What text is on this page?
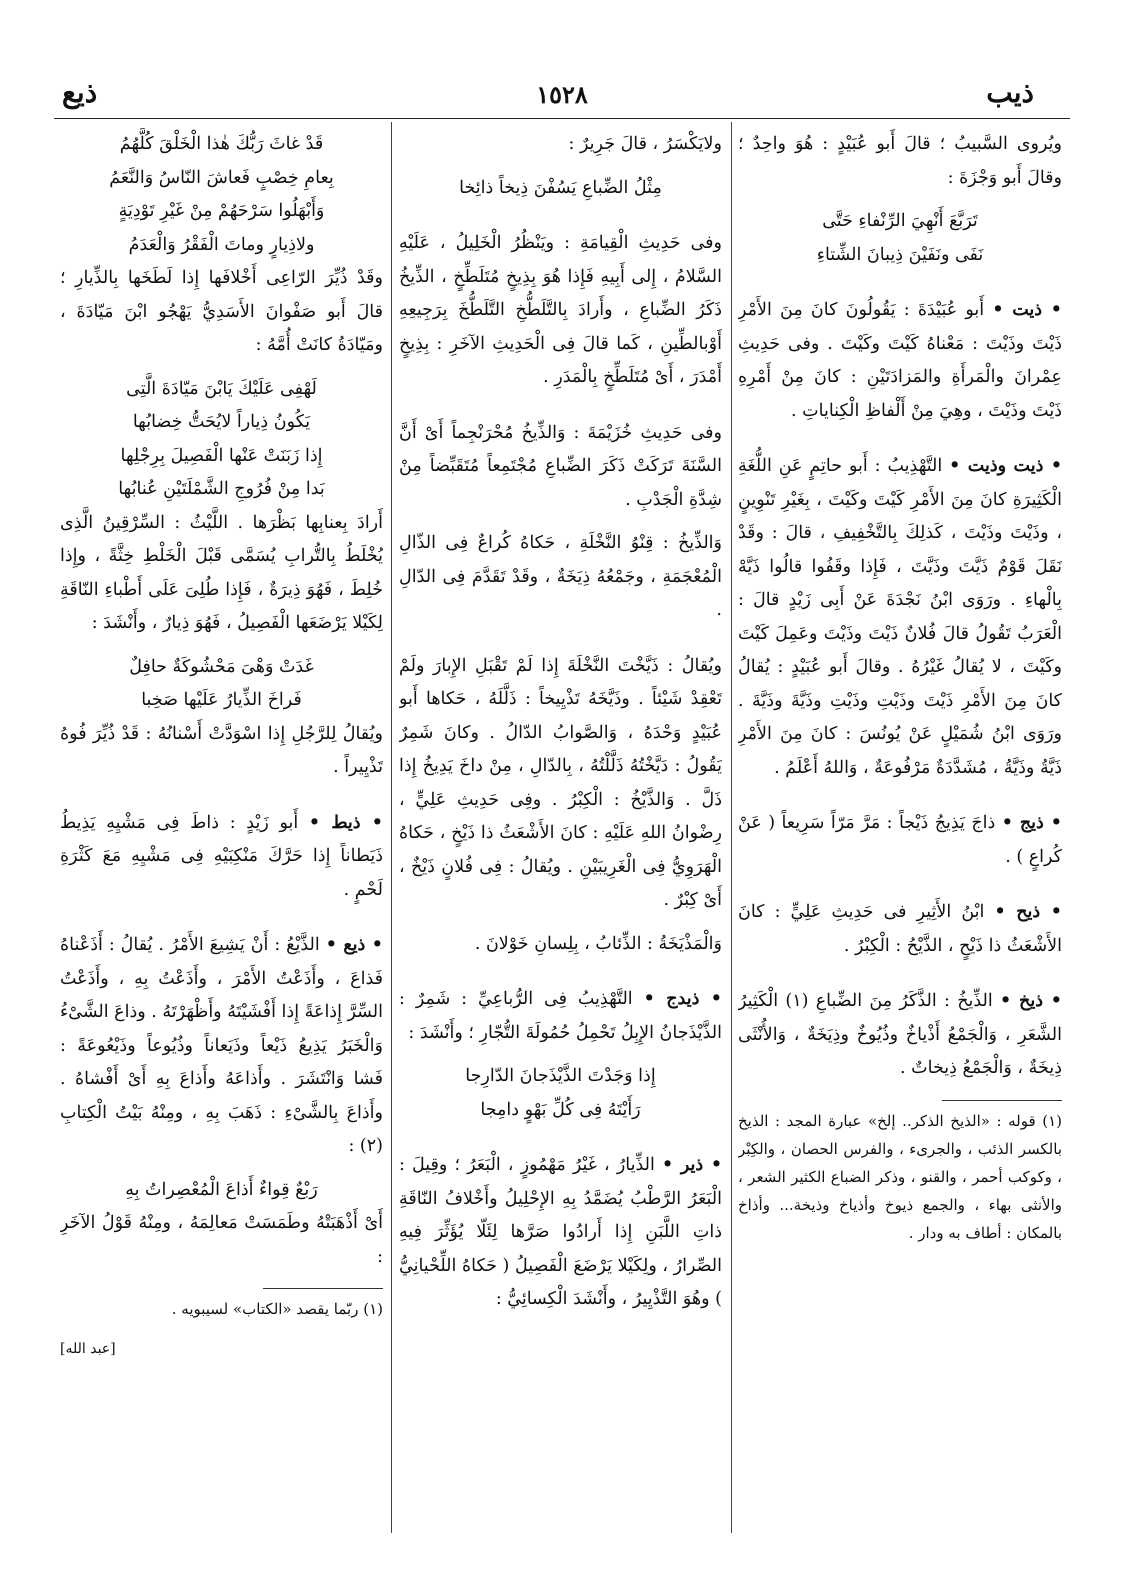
ذيب
١٥٢٨
ذيع

ويُروى السَّبيبُ ؛ قالَ أَبو عُبَيْدٍ : هُوَ واحِدٌ ؛ وقالَ أَبو وَجْزَةَ :

تَرَبَّعَ أَنْهِيَ الرِّنْفاءِ حَتَّى
نَفَى ونَفَيْنَ ذِيبانَ الشِّتاءِ

• ذيت • أَبو عُبَيْدَةَ : يَقُولُونَ كانَ مِنَ الأَمْرِ ذَيْتَ وذَيْتَ : مَعْناهُ كَيْتَ وكَيْتَ . وفى حَدِيثِ عِمْرانَ والْمَرأَةِ والمَزادَتَيْنِ : كانَ مِنْ أَمْرِهِ ذَيْتَ وذَيْتَ ، وهِيَ مِنْ أَلْفاظِ الْكِناياتِ .

• ذيت وذيت • التَّهْذِيبُ : أَبو حاتِمٍ عَنِ اللُّغَةِ الْكَثِيرَةِ كانَ مِنَ الأَمْرِ كَيْتَ وكَيْتَ ، بِغَيْرِ تَنْوِينٍ ، وذَيْتَ وذَيْتَ ، كَذلِكَ بِالتَّخْفِيفِ ، قالَ : وقَدْ نَقَلَ قَوْمٌ ذَيَّتَ وذَيَّتَ ، فَإِذا وقَفُوا قالُوا ذَيَّهْ بِالْهاءِ . ورَوَى ابْنُ نَجْدَةَ عَنْ أَبِى زَيْدٍ قالَ : الْعَرَبُ تَقُولُ قالَ فُلانٌ ذَيْتَ وذَيْتَ وعَمِلَ كَيْتَ وكَيْتَ ، لا يُقالُ غَيْرُهُ . وقالَ أَبو عُبَيْدٍ : يُقالُ كانَ مِنَ الأَمْرِ ذَيْتَ وذَيْتِ وذَيْتِ وذَيَّةَ وذَيَّةَ . ورَوَى ابْنُ شُمَيْلٍ عَنْ يُونُسَ : كانَ مِنَ الأَمْرِ ذَيَّةُ وذَيَّةُ ، مُشَدَّدَةٌ مَرْفُوعَةٌ ، وَاللهُ أَعْلَمُ .

• ذيج • ذاجَ يَذِيجُ ذَيْجاً : مَرَّ مَرّاً سَرِيعاً ( عَنْ كُراعٍ ) .

• ذيح • ابْنُ الأَثِيرِ فى حَدِيثِ عَلِيٍّ : كانَ الأَشْعَثُ ذا ذَيْحٍ ، الذَّيْحُ : الْكِبْرُ .

• ذيخ • الذِّيخُ : الذَّكَرُ مِنَ الضِّباعِ (١) الْكَثِيرُ الشَّعَرِ ، وَالْجَمْعُ أَذْياخٌ وذُيُوخٌ وذِيَخَةٌ ، وَالأُنْثَى ذِيخَةٌ ، وَالْجَمْعُ ذِيخاتٌ .

(١) قوله : «الذيخ الذكر.. إلخ» عبارة المجد : الذيخ بالكسر الذئب ، والجرىء ، والفرس الحصان ، والكِبْر ، وكوكب أحمر ، والقنو ، وذكر الضباع الكثير الشعر ، والأنثى بهاء ، والجمع ذيوخ وأذياخ وذيخة... وأذاخ بالمكان : أطاف به ودار .

ولايَكْسَرُ ، قالَ جَرِيرٌ :

مِثْلُ الضِّباعِ يَسُفْنَ ذِيخاً ذائِخا

وفى حَدِيثِ الْقِيامَةِ : ويَنْظُرُ الْخَلِيلُ ، عَلَيْهِ السَّلامُ ، إِلى أَبِيهِ فَإِذا هُوَ بِذِيخٍ مُتَلَطِّخٍ ، الذِّيخُ ذَكَرُ الضِّباعِ ، وأَرادَ بِالتَّلَطُّخِ التَّلَطُّخَ بِرَجِيعِهِ أَوْبالطِّينِ ، كَما قالَ فِى الْحَدِيثِ الآخَرِ : بِذِيخٍ أَمْدَرَ ، أَىْ مُتَلَطِّخٍ بِالْمَدَرِ .

وفى حَدِيثِ خُزَيْمَةَ : وَالذِّيخُ مُحْرَنْجِماً أَىْ أَنَّ السَّنَةَ تَرَكَتْ ذَكَرَ الضِّباعِ مُجْتَمِعاً مُتَقَبِّضاً مِنْ شِدَّةِ الْجَدْبِ .

وَالذِّيخُ : قِنْوُ النَّخْلَةِ ، حَكاهُ كُراعٌ فِى الذّالِ الْمُعْجَمَةِ ، وجَمْعُهُ ذِيَخَةٌ ، وقَدْ تَقَدَّمَ فِى الدّالِ .

ويُقالُ : ذَيَّخْتَ النَّخْلَةَ إِذا لَمْ تَقْبَلِ الإِبارَ ولَمْ تَعْقِدْ شَيْئاً . وذَيَّخَهُ تَذْيِيخاً : ذَلَّلَهُ ، حَكاها أَبو عُبَيْدٍ وَحْدَهُ ، وَالصَّوابُ الدّالُ . وكانَ شَمِرٌ يَقُولُ : دَيَّخْتُهُ ذَلَّلْتُهُ ، بِالدّالِ ، مِنْ داخَ يَدِيخُ إِذا ذَلَّ . وَالذَّيْخُ : الْكِبْرُ . وفِى حَدِيثِ عَلِيٍّ ، رِضْوانُ اللهِ عَلَيْهِ : كانَ الأَشْعَثُ ذا ذَيْخٍ ، حَكاهُ الْهَرَوِيُّ فِى الْغَرِيبَيْنِ . ويُقالُ : فِى فُلانٍ ذَيْخٌ ، أَىْ كِبْرٌ .

وَالْمَذْيَخَةُ : الذِّئابُ ، بِلِسانِ خَوْلانَ .

• ذيدج • التَّهْذِيبُ فِى الرُّباعِيِّ : شَمِرٌ : الذَّيْذَجانُ الإِبِلُ تَحْمِلُ حُمُولَةَ التُّجّارِ ؛ وأَنْشَدَ :

إِذا وَجَدْتَ الذَّيْذَجانَ الدّارِجا
رَأَيْتَهُ فِى كُلِّ بَهْوٍ دامِجا

• ذير • الذِّيارُ ، غَيْرُ مَهْمُوزٍ ، الْبَعَرُ ؛ وقِيلَ : الْبَعَرُ الرَّطْبُ يُضَمَّدُ بِهِ الإِحْلِيلُ وأَخْلافُ النّاقَةِ ذاتِ اللَّبَنِ إِذا أَرادُوا صَرَّها لِئَلّا يُؤَثِّرَ فِيهِ الصِّرارُ ، ولِكَيْلا يَرْضَعَ الْفَصِيلُ ( حَكاهُ اللِّحْيانِيُّ ) وهُوَ التَّذْيِيرُ ، وأَنْشَدَ الْكِسائِيُّ :

قَدْ غاثَ رَبُّكَ هٰذا الْخَلْقَ كُلَّهُمُ
بِعامِ خِصْبٍ فَعاشَ النّاسُ وَالنَّعَمُ
وَأَبْهَلُوا سَرْحَهُمْ مِنْ غَيْرِ تَوْدِيَةٍ
ولاذِيارٍ وماتَ الْفَقْرُ وَالْعَدَمُ

وقَدْ ذُيِّرَ الرّاعِى أَخْلافَها إِذا لَطَخَها بِالذِّيارِ ؛ قالَ أَبو صَفْوانَ الأَسَدِيُّ يَهْجُو ابْنَ مَيّادَةَ ، ومَيّادَةُ كانَتْ أُمَّهُ :

لَهْفِى عَلَيْكَ يَابْنَ مَيّادَةَ الَّتِى
يَكُونُ ذِياراً لايُحَتُّ خِضابُها
إِذا زَبَنَتْ عَنْها الْفَصِيلَ بِرِجْلِها
بَدا مِنْ فُرُوجِ الشَّمْلَتَيْنِ عُنابُها

أَرادَ بِعنابِها بَظْرَها . اللَّيْثُ : السِّرْقِينُ الَّذِى يُخْلَطُ بِالتُّرابِ يُسَمَّى قَبْلَ الْخَلْطِ خِثَّةً ، وإِذا خُلِطَ ، فَهُوَ ذِيرَةٌ ، فَإِذا طُلِىَ عَلَى أَطْباءِ النّاقَةِ لِكَيْلا يَرْضَعَها الْفَصِيلُ ، فَهُوَ ذِيارٌ ، وأَنْشَدَ :

غَدَتْ وَهْىَ مَحْشُوكَةٌ حافِلٌ
فَراخَ الذِّيارُ عَلَيْها صَخِبا

ويُقالُ لِلرَّجُلِ إِذا اسْوَدَّتْ أَسْنانُهُ : قَدْ ذُيِّرَ فُوهُ تَذْيِيراً .

• ذيط • أَبو زَيْدٍ : ذاطَ فِى مَشْيِهِ يَذِيطُ ذَيَطاناً إِذا حَرَّكَ مَنْكِبَيْهِ فِى مَشْيِهِ مَعَ كَثْرَةِ لَحْمٍ .

• ذيع • الذَّيْعُ : أَنْ يَشِيعَ الأَمْرُ . يُقالُ : أَذَعْناهُ فَذاعَ ، وأَذَعْتُ الأَمْرَ ، وأَذَعْتُ بِهِ ، وأَذَعْتُ السِّرَّ إِذاعَةً إِذا أَفْشَيْتَهُ وأَظْهَرْتَهُ . وذاعَ الشَّىْءُ وَالْخَبَرُ يَذِيعُ ذَيْعاً وذَيَعاناً وذُيُوعاً وذَيْعُوعَةً : فَشا وَانْتَشَرَ . وأَذاعَهُ وأَذاعَ بِهِ أَىْ أَفْشاهُ . وأَذاعَ بِالشَّىْءِ : ذَهَبَ بِهِ ، ومِنْهُ بَيْتُ الْكِتابِ (٢) :

رَبْعٌ قِواءٌ أَذاعَ الْمُعْصِراتُ بِهِ

أَىْ أَذْهَبَتْهُ وطَمَسَتْ مَعالِمَهُ ، ومِنْهُ قَوْلُ الآخَرِ :

(١) ربّما يقصد «الكتاب» لسيبويه .

[عبد الله]
